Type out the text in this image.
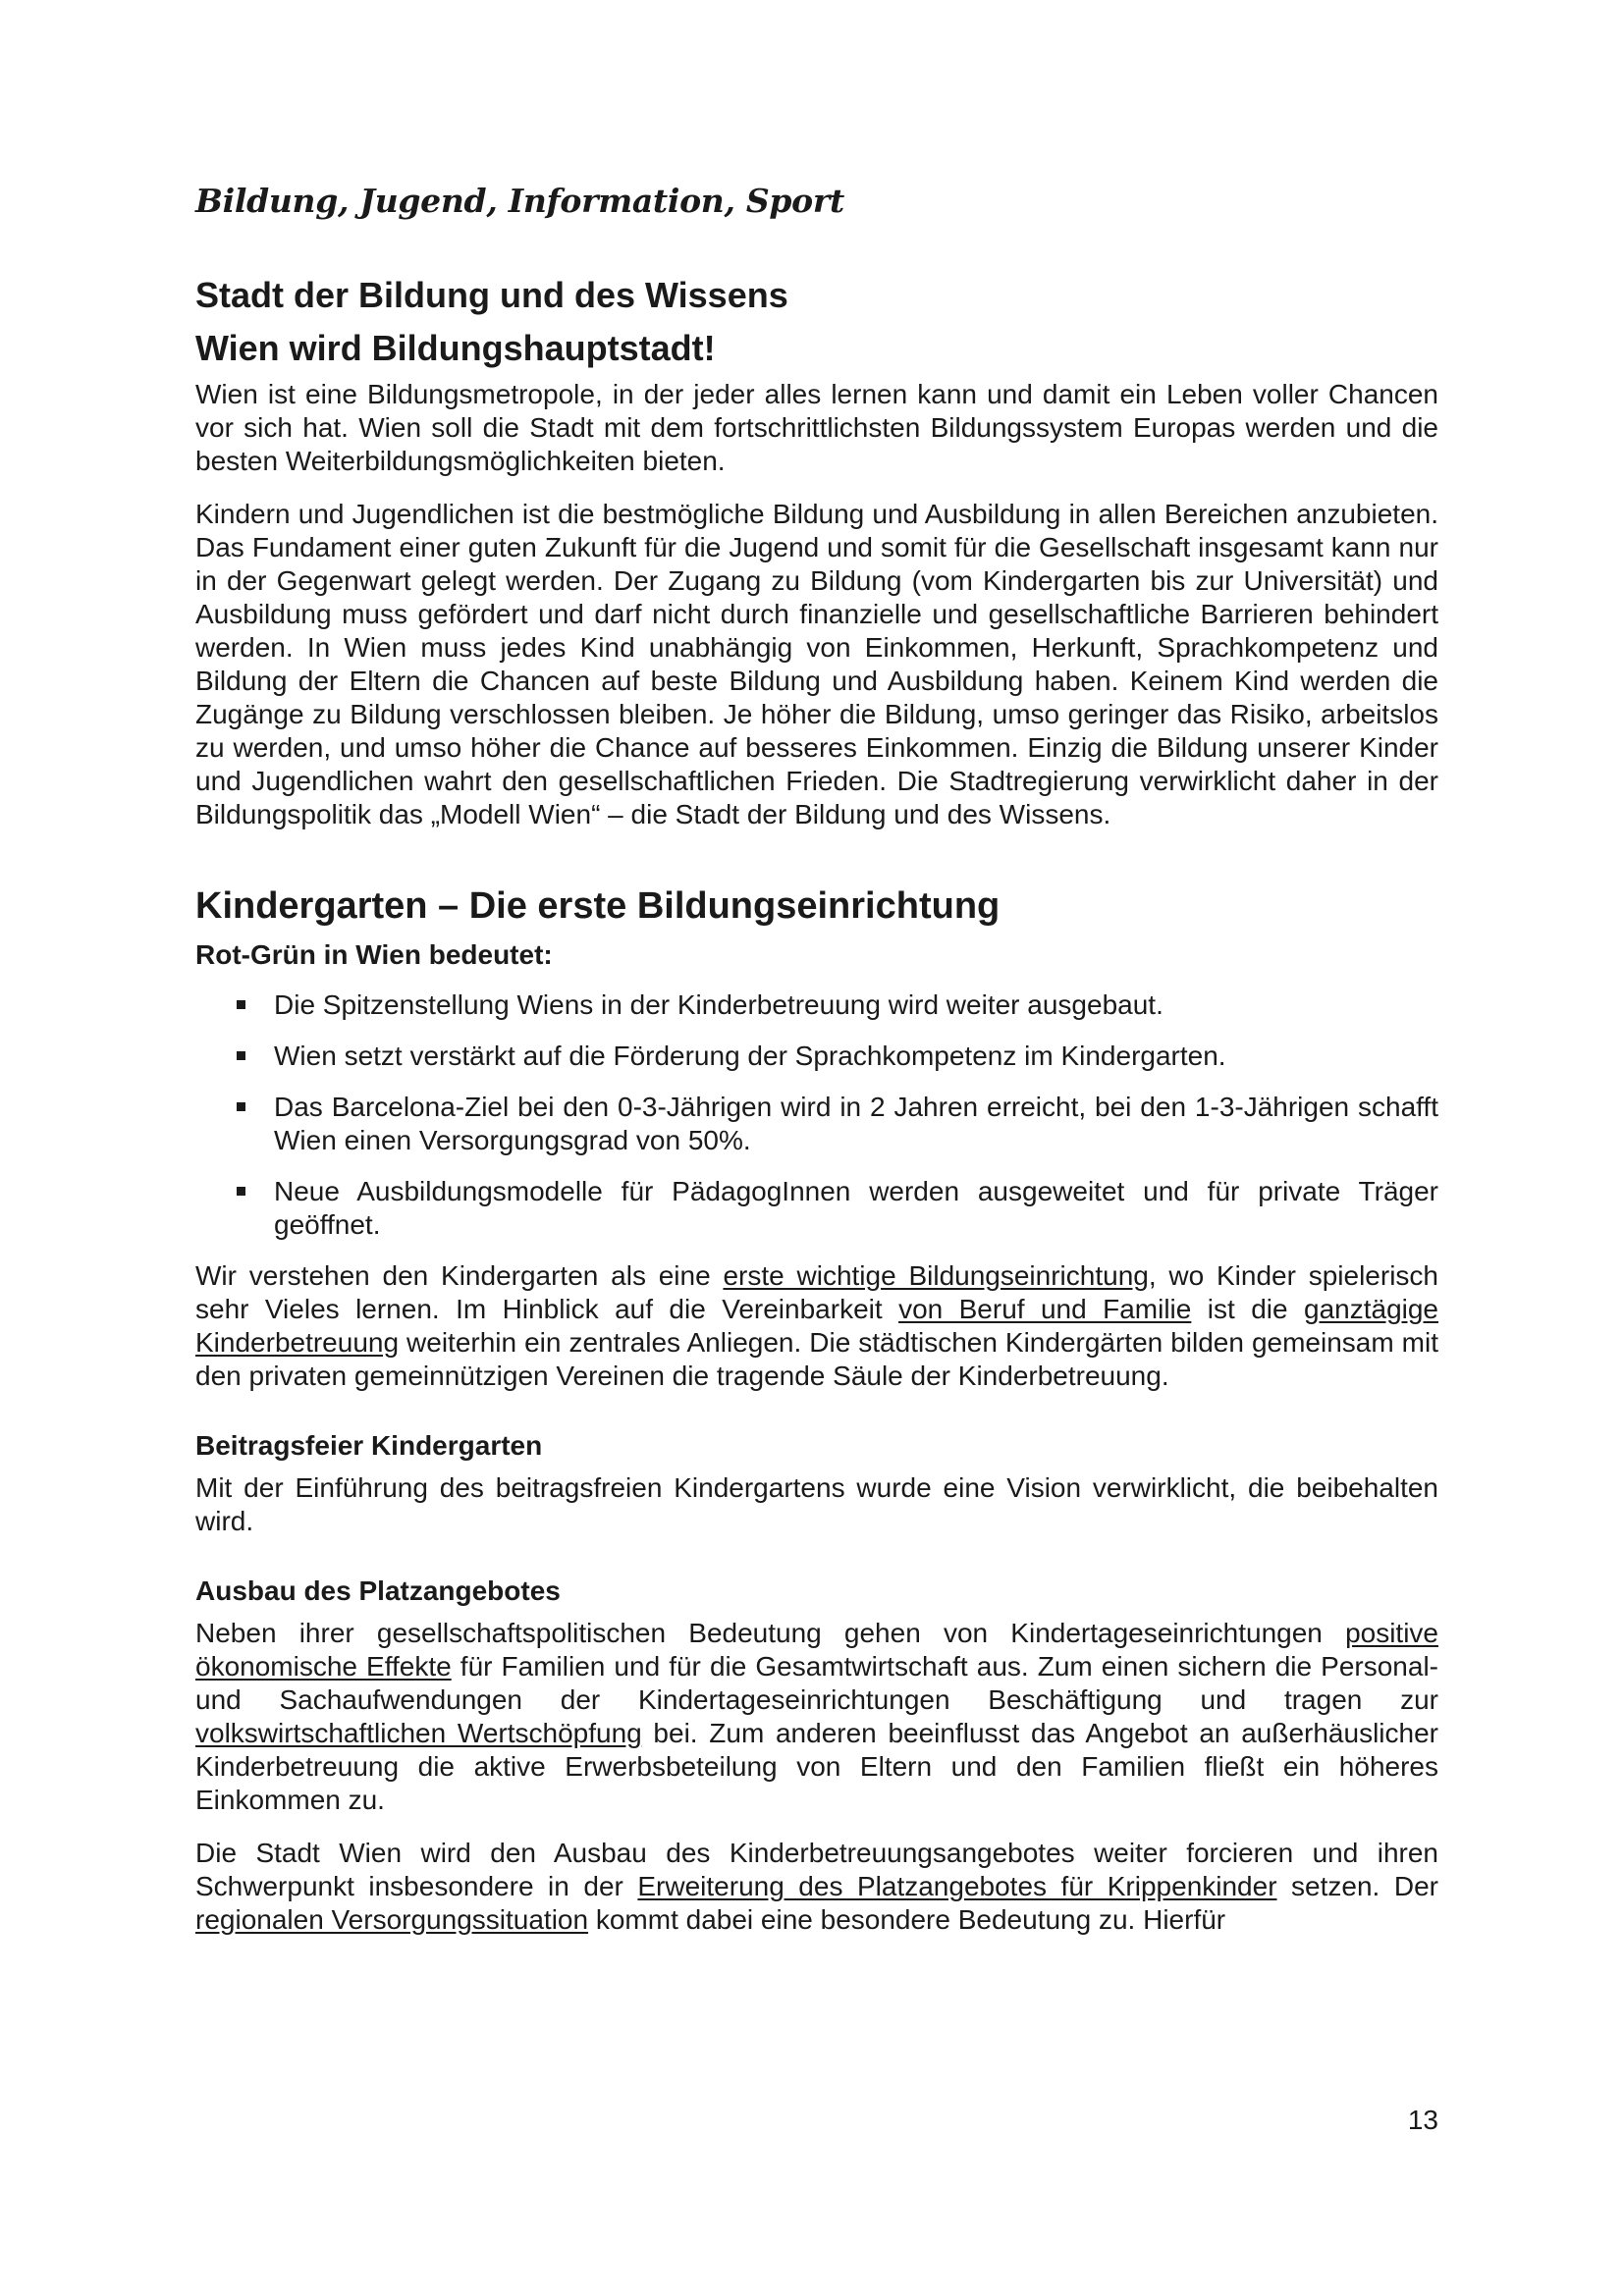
Bildung, Jugend, Information, Sport
Stadt der Bildung und des Wissens
Wien wird Bildungshauptstadt!

Wien ist eine Bildungsmetropole, in der jeder alles lernen kann und damit ein Leben voller Chancen vor sich hat. Wien soll die Stadt mit dem fortschrittlichsten Bildungssystem Europas werden und die besten Weiterbildungsmöglichkeiten bieten.

Kindern und Jugendlichen ist die bestmögliche Bildung und Ausbildung in allen Bereichen anzubieten. Das Fundament einer guten Zukunft für die Jugend und somit für die Gesellschaft insgesamt kann nur in der Gegenwart gelegt werden. Der Zugang zu Bildung (vom Kindergarten bis zur Universität) und Ausbildung muss gefördert und darf nicht durch finanzielle und gesellschaftliche Barrieren behindert werden. In Wien muss jedes Kind unabhängig von Einkommen, Herkunft, Sprachkompetenz und Bildung der Eltern die Chancen auf beste Bildung und Ausbildung haben. Keinem Kind werden die Zugänge zu Bildung verschlossen bleiben. Je höher die Bildung, umso geringer das Risiko, arbeitslos zu werden, und umso höher die Chance auf besseres Einkommen. Einzig die Bildung unserer Kinder und Jugendlichen wahrt den gesellschaftlichen Frieden. Die Stadtregierung verwirklicht daher in der Bildungspolitik das „Modell Wien“ – die Stadt der Bildung und des Wissens.

Kindergarten – Die erste Bildungseinrichtung
Rot-Grün in Wien bedeutet:
Die Spitzenstellung Wiens in der Kinderbetreuung wird weiter ausgebaut.
Wien setzt verstärkt auf die Förderung der Sprachkompetenz im Kindergarten.
Das Barcelona-Ziel bei den 0-3-Jährigen wird in 2 Jahren erreicht, bei den 1-3-Jährigen schafft Wien einen Versorgungsgrad von 50%.
Neue Ausbildungsmodelle für PädagogInnen werden ausgeweitet und für private Träger geöffnet.

Wir verstehen den Kindergarten als eine erste wichtige Bildungseinrichtung, wo Kinder spielerisch sehr Vieles lernen. Im Hinblick auf die Vereinbarkeit von Beruf und Familie ist die ganztägige Kinderbetreuung weiterhin ein zentrales Anliegen. Die städtischen Kindergärten bilden gemeinsam mit den privaten gemeinnützigen Vereinen die tragende Säule der Kinderbetreuung.

Beitragsfeier Kindergarten

Mit der Einführung des beitragsfreien Kindergartens wurde eine Vision verwirklicht, die beibehalten wird.

Ausbau des Platzangebotes

Neben ihrer gesellschaftspolitischen Bedeutung gehen von Kindertageseinrichtungen positive ökonomische Effekte für Familien und für die Gesamtwirtschaft aus. Zum einen sichern die Personal- und Sachaufwendungen der Kindertageseinrichtungen Beschäftigung und tragen zur volkswirtschaftlichen Wertschöpfung bei. Zum anderen beeinflusst das Angebot an außerhäuslicher Kinderbetreuung die aktive Erwerbsbeteilung von Eltern und den Familien fließt ein höheres Einkommen zu.

Die Stadt Wien wird den Ausbau des Kinderbetreuungsangebotes weiter forcieren und ihren Schwerpunkt insbesondere in der Erweiterung des Platzangebotes für Krippenkinder setzen. Der regionalen Versorgungssituation kommt dabei eine besondere Bedeutung zu. Hierfür

13
